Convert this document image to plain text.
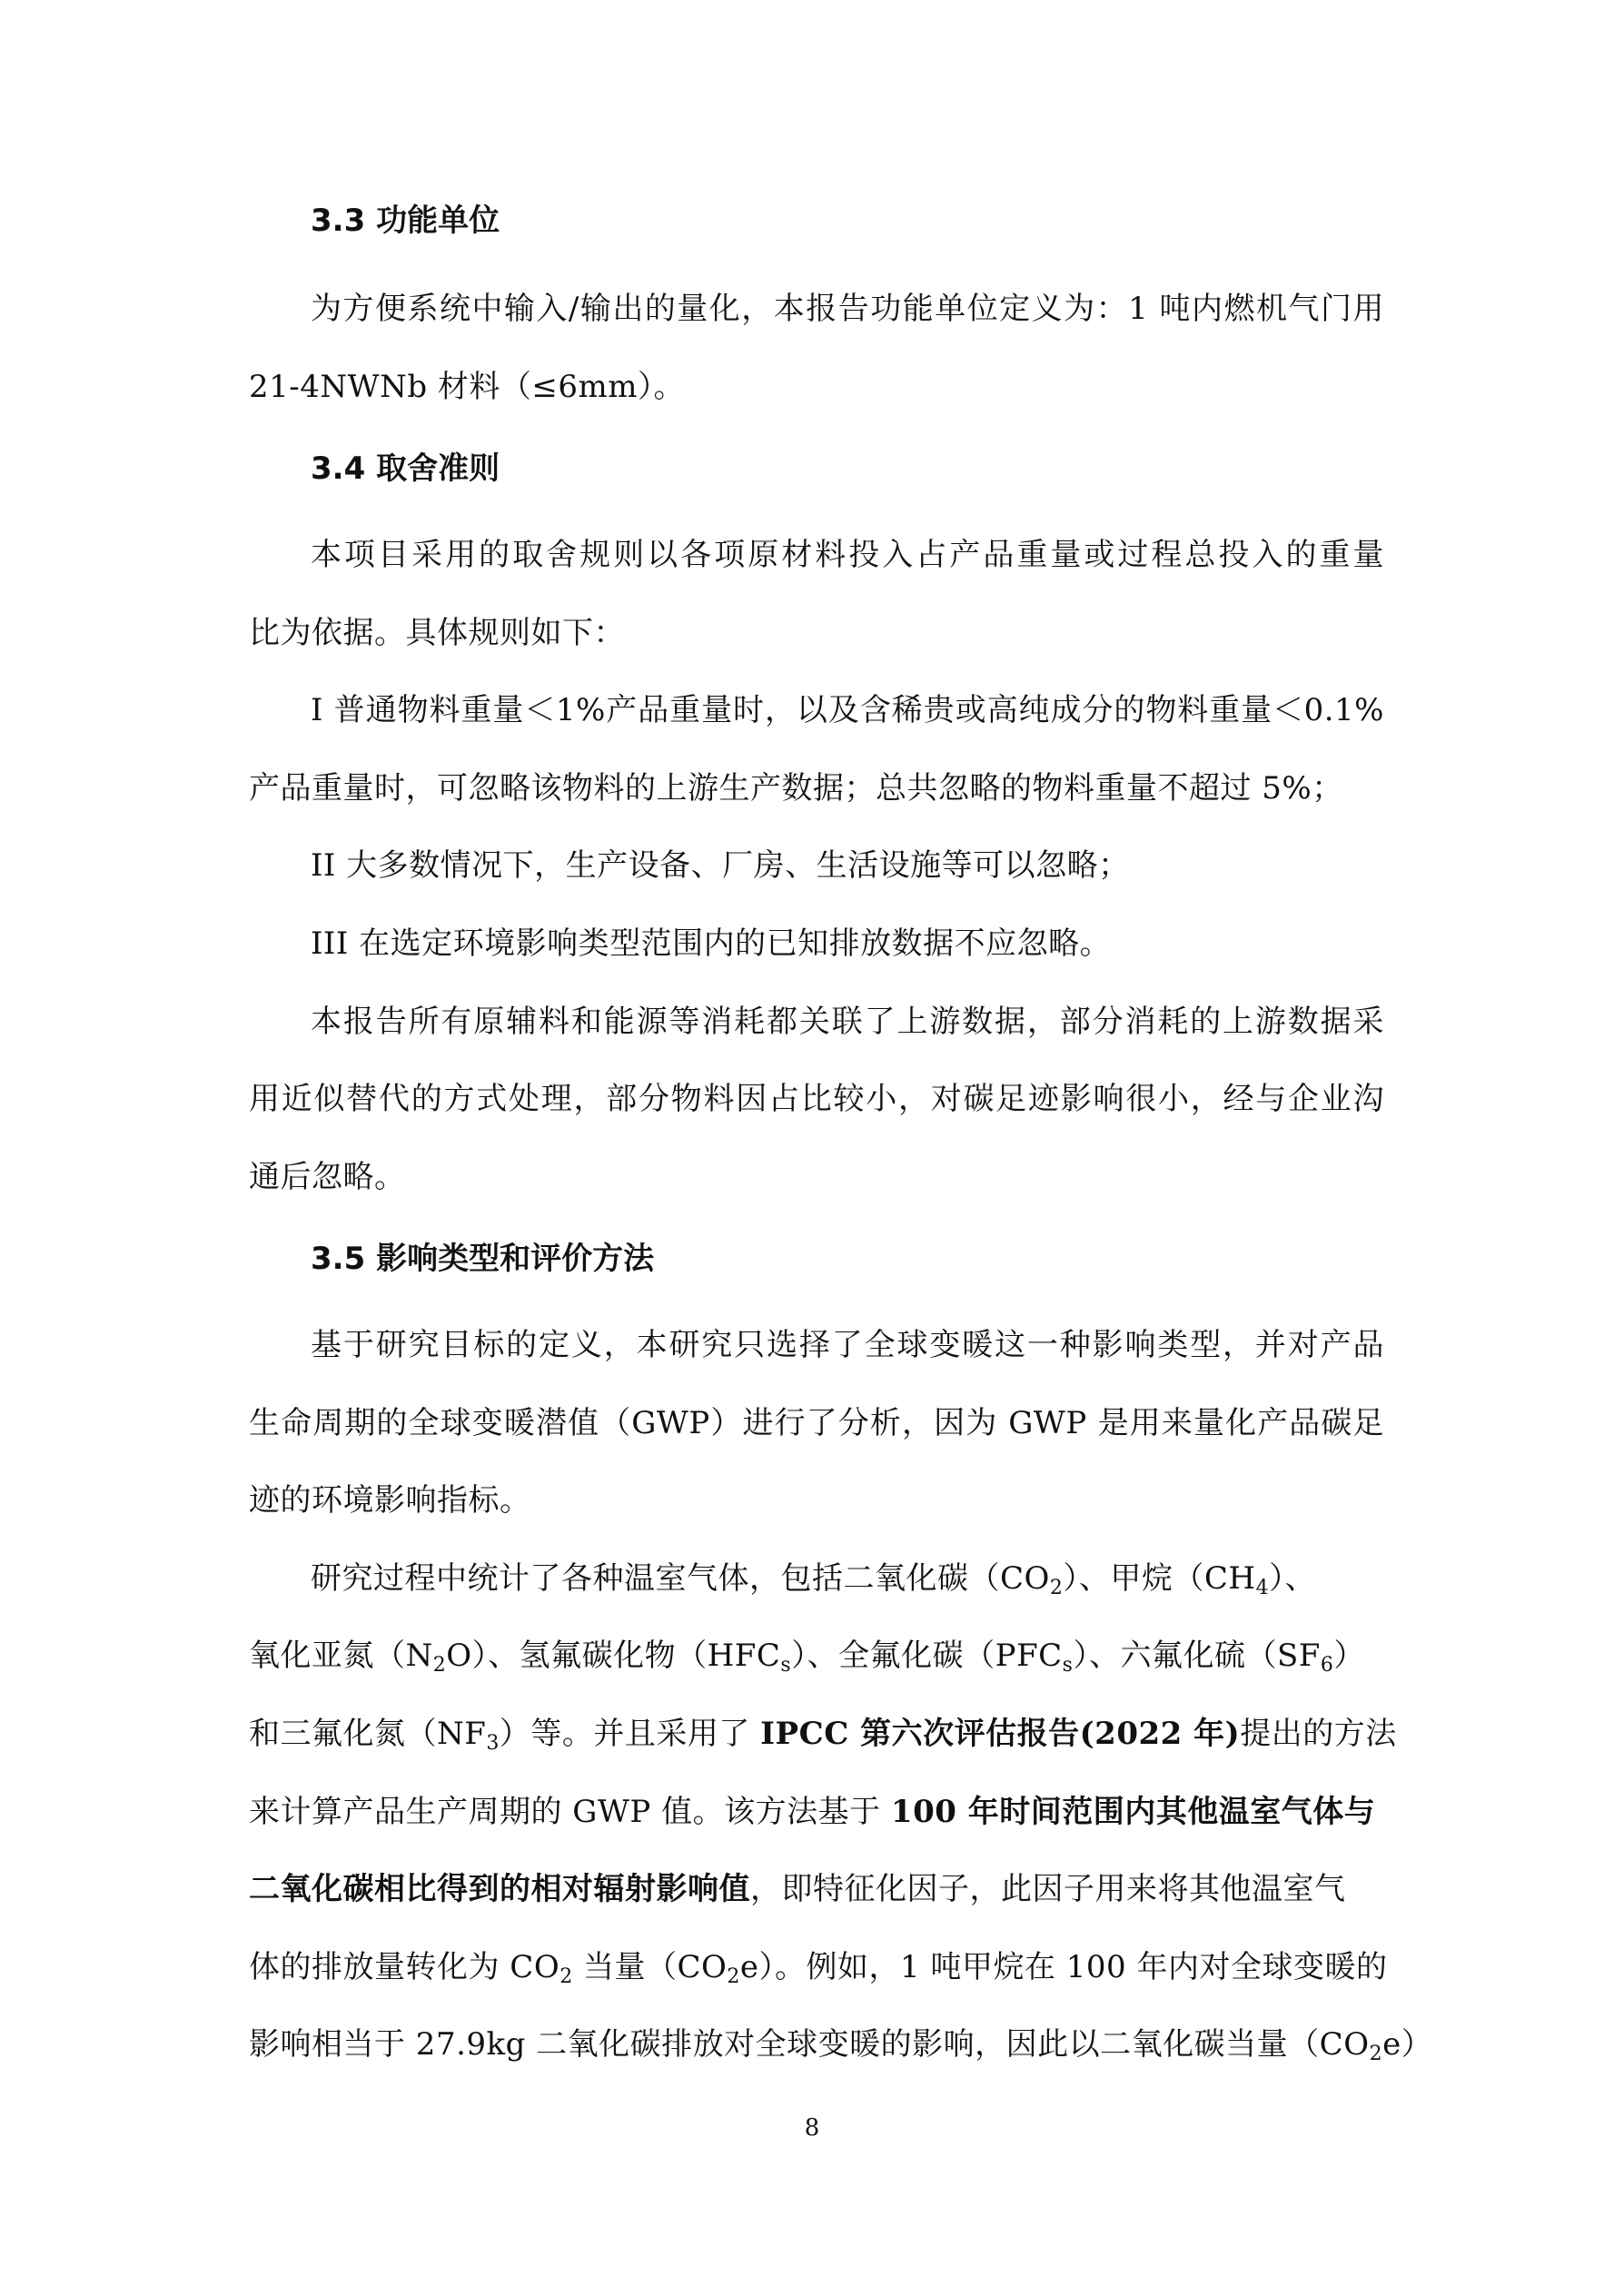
3.3 功能单位
为方便系统中输入/输出的量化，本报告功能单位定义为：1 吨内燃机气门用
21-4NWNb 材料（≤6mm）。
3.4 取舍准则
本项目采用的取舍规则以各项原材料投入占产品重量或过程总投入的重量
比为依据。具体规则如下：
I 普通物料重量＜1%产品重量时，以及含稀贵或高纯成分的物料重量＜0.1%
产品重量时，可忽略该物料的上游生产数据；总共忽略的物料重量不超过 5%；
II 大多数情况下，生产设备、厂房、生活设施等可以忽略；
III 在选定环境影响类型范围内的已知排放数据不应忽略。
本报告所有原辅料和能源等消耗都关联了上游数据，部分消耗的上游数据采
用近似替代的方式处理，部分物料因占比较小，对碳足迹影响很小，经与企业沟
通后忽略。
3.5 影响类型和评价方法
基于研究目标的定义，本研究只选择了全球变暖这一种影响类型，并对产品
生命周期的全球变暖潜值（GWP）进行了分析，因为 GWP 是用来量化产品碳足
迹的环境影响指标。
研究过程中统计了各种温室气体，包括二氧化碳$(CO_2)$、甲烷$(CH_4)$、
氧化亚氮$(N_2O)$、氢氟碳化物$(HFC_s)$、全氟化碳$(PFC_s)$、六氟化硫$(SF_6)$
和三氟化氮$(NF_3)$等。并且采用了 IPCC 第六次评估报告(2022 年)提出的方法
来计算产品生产周期的 GWP 值。该方法基于 100 年时间范围内其他温室气体与
二氧化碳相比得到的相对辐射影响值，即特征化因子，此因子用来将其他温室气
体的排放量转化为 $CO_2$ 当量$(CO_2e)$。例如，1 吨甲烷在 100 年内对全球变暖的
影响相当于 27.9kg 二氧化碳排放对全球变暖的影响，因此以二氧化碳当量$(CO_2e)$
8
